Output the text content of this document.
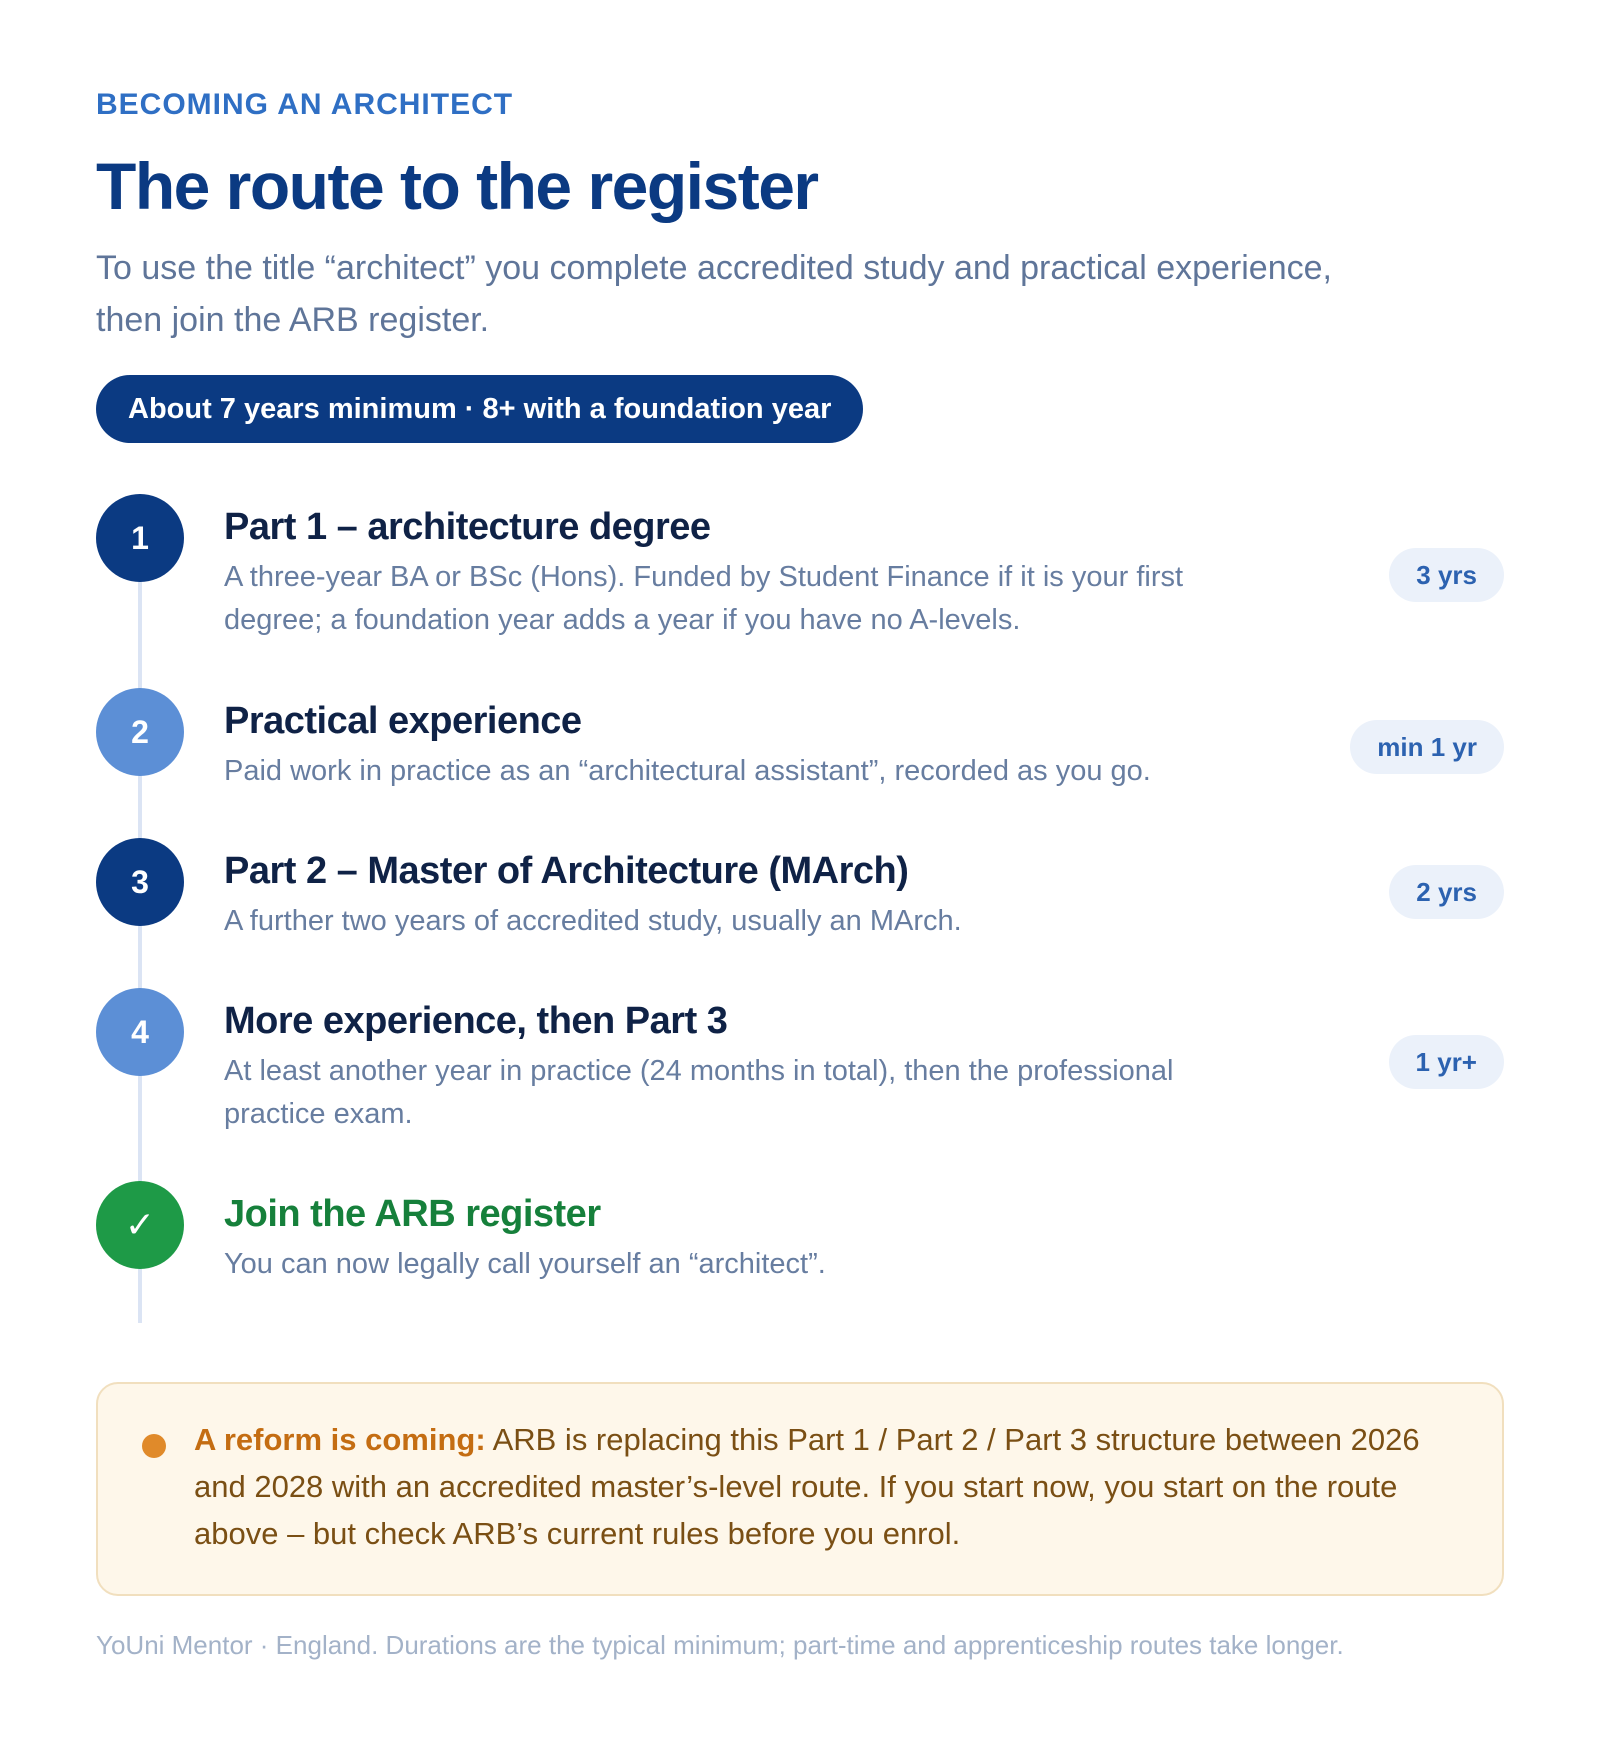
BECOMING AN ARCHITECT
The route to the register

To use the title “architect” you complete accredited study and practical experience, then join the ARB register.

About 7 years minimum · 8+ with a foundation year
1	Part 1 – architecture degree
A three-year BA or BSc (Hons). Funded by Student Finance if it is your first degree; a foundation year adds a year if you have no A-levels.
3 yrs
2	Practical experience
Paid work in practice as an “architectural assistant”, recorded as you go.
min 1 yr
3	Part 2 – Master of Architecture (MArch)
A further two years of accredited study, usually an MArch.
2 yrs
4	More experience, then Part 3
At least another year in practice (24 months in total), then the professional practice exam.
1 yr+
✓	Join the ARB register
You can now legally call yourself an “architect”.

A reform is coming: ARB is replacing this Part 1 / Part 2 / Part 3 structure between 2026 and 2028 with an accredited master’s-level route. If you start now, you start on the route above – but check ARB’s current rules before you enrol.

YoUni Mentor · England. Durations are the typical minimum; part-time and apprenticeship routes take longer.
